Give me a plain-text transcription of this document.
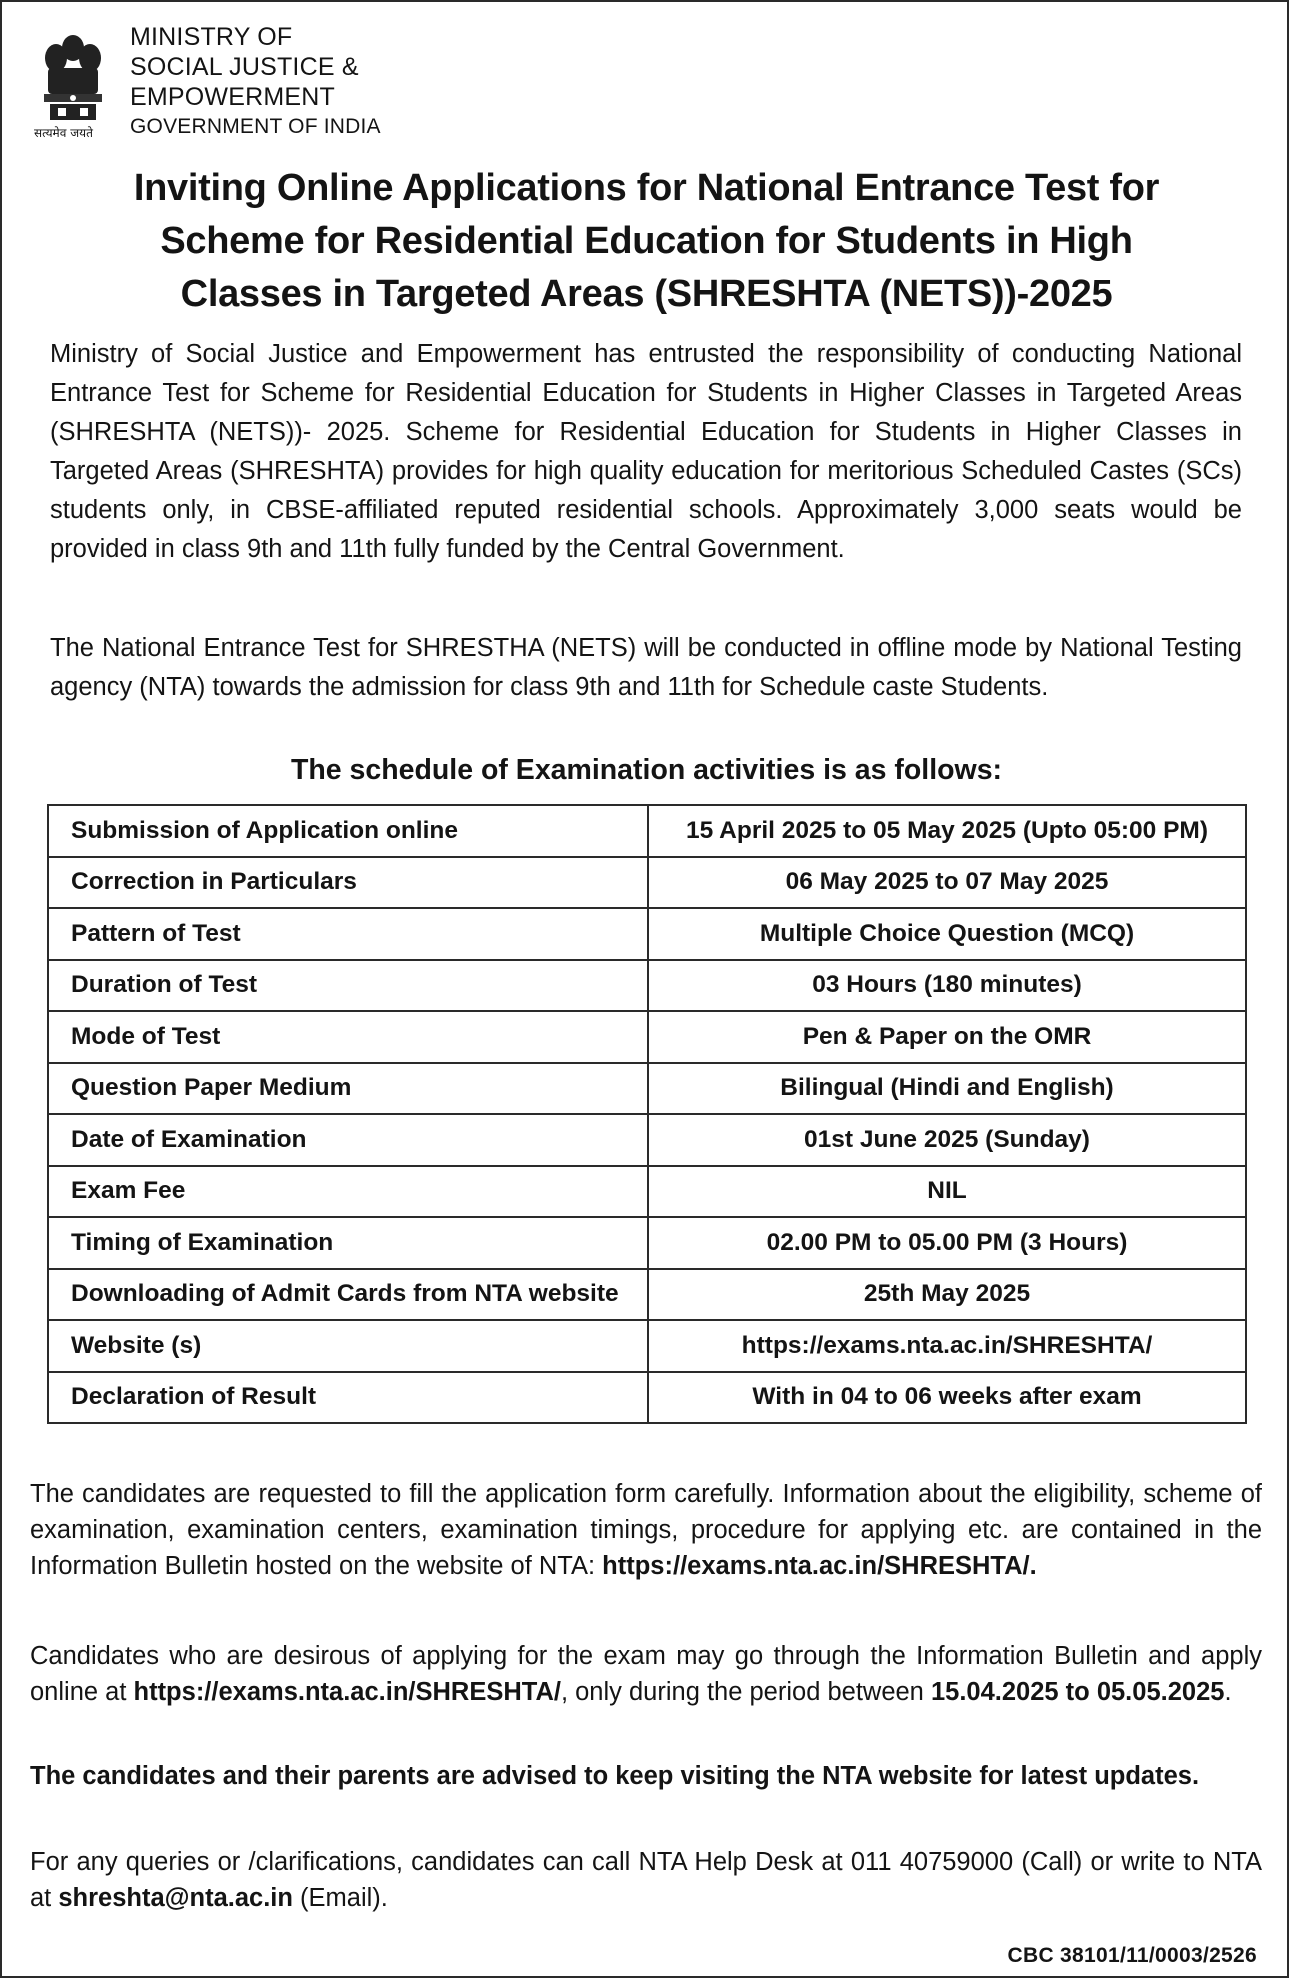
सत्यमेव जयते
MINISTRY OF
SOCIAL JUSTICE &
EMPOWERMENT
GOVERNMENT OF INDIA
Inviting Online Applications for National Entrance Test for
Scheme for Residential Education for Students in High
Classes in Targeted Areas (SHRESHTA (NETS))-2025

Ministry of Social Justice and Empowerment has entrusted the responsibility of conducting National Entrance Test for Scheme for Residential Education for Students in Higher Classes in Targeted Areas (SHRESHTA (NETS))- 2025. Scheme for Residential Education for Students in Higher Classes in Targeted Areas (SHRESHTA) provides for high quality education for meritorious Scheduled Castes (SCs) students only, in CBSE-affiliated reputed residential schools. Approximately 3,000 seats would be provided in class 9th and 11th fully funded by the Central Government.

The National Entrance Test for SHRESTHA (NETS) will be conducted in offline mode by National Testing agency (NTA) towards the admission for class 9th and 11th for Schedule caste Students.

The schedule of Examination activities is as follows:
Submission of Application online	15 April 2025 to 05 May 2025 (Upto 05:00 PM)
Correction in Particulars	06 May 2025 to 07 May 2025
Pattern of Test	Multiple Choice Question (MCQ)
Duration of Test	03 Hours (180 minutes)
Mode of Test	Pen & Paper on the OMR
Question Paper Medium	Bilingual (Hindi and English)
Date of Examination	01st June 2025 (Sunday)
Exam Fee	NIL
Timing of Examination	02.00 PM to 05.00 PM (3 Hours)
Downloading of Admit Cards from NTA website	25th May 2025
Website (s)	https://exams.nta.ac.in/SHRESHTA/
Declaration of Result	With in 04 to 06 weeks after exam

The candidates are requested to fill the application form carefully. Information about the eligibility, scheme of examination, examination centers, examination timings, procedure for applying etc. are contained in the Information Bulletin hosted on the website of NTA: https://exams.nta.ac.in/SHRESHTA/.

Candidates who are desirous of applying for the exam may go through the Information Bulletin and apply online at https://exams.nta.ac.in/SHRESHTA/, only during the period between 15.04.2025 to 05.05.2025.

The candidates and their parents are advised to keep visiting the NTA website for latest updates.

For any queries or /clarifications, candidates can call NTA Help Desk at 011 40759000 (Call) or write to NTA at shreshta@nta.ac.in (Email).

CBC 38101/11/0003/2526
